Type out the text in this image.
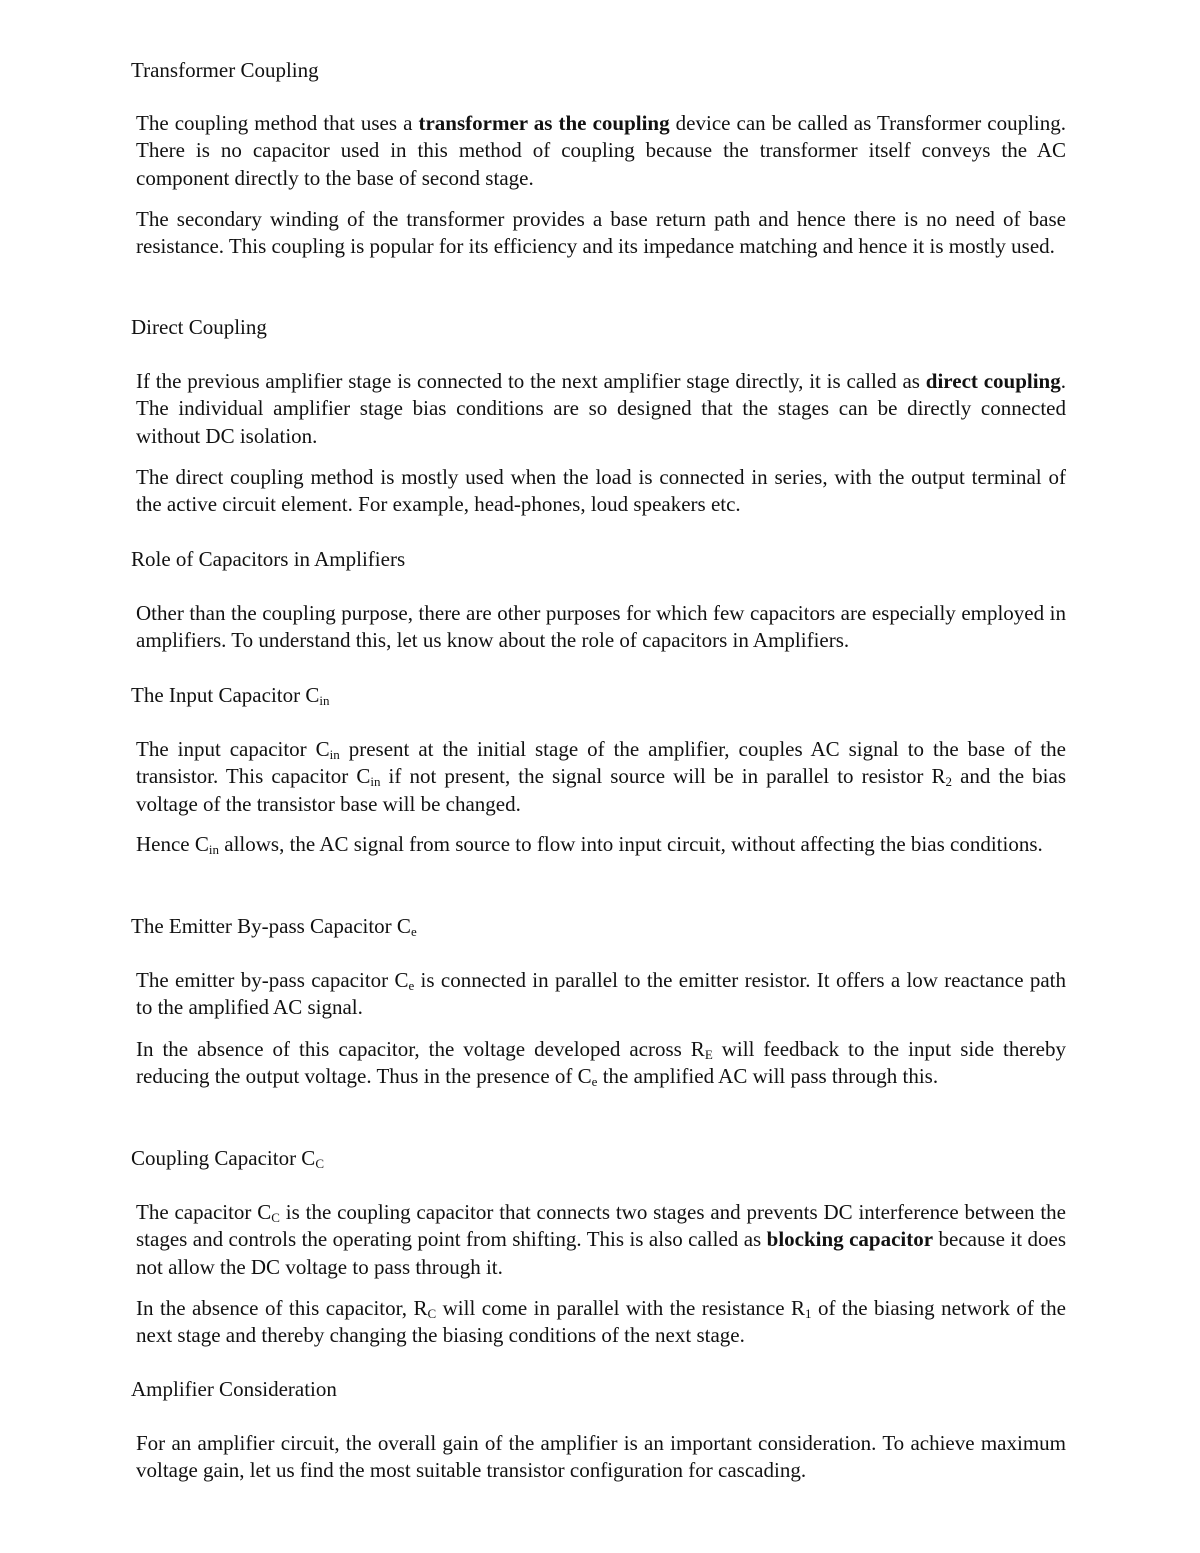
Transformer Coupling

The coupling method that uses a transformer as the coupling device can be called as Transformer coupling. There is no capacitor used in this method of coupling because the transformer itself conveys the AC component directly to the base of second stage.

The secondary winding of the transformer provides a base return path and hence there is no need of base resistance. This coupling is popular for its efficiency and its impedance matching and hence it is mostly used.

Direct Coupling

If the previous amplifier stage is connected to the next amplifier stage directly, it is called as direct coupling. The individual amplifier stage bias conditions are so designed that the stages can be directly connected without DC isolation.

The direct coupling method is mostly used when the load is connected in series, with the output terminal of the active circuit element. For example, head-phones, loud speakers etc.

Role of Capacitors in Amplifiers

Other than the coupling purpose, there are other purposes for which few capacitors are especially employed in amplifiers. To understand this, let us know about the role of capacitors in Amplifiers.

The Input Capacitor $C_{in}$

The input capacitor $C_{in}$ present at the initial stage of the amplifier, couples AC signal to the base of the transistor. This capacitor $C_{in}$ if not present, the signal source will be in parallel to resistor $R_2$ and the bias voltage of the transistor base will be changed.

Hence $C_{in}$ allows, the AC signal from source to flow into input circuit, without affecting the bias conditions.

The Emitter By-pass Capacitor $C_e$

The emitter by-pass capacitor $C_e$ is connected in parallel to the emitter resistor. It offers a low reactance path to the amplified AC signal.

In the absence of this capacitor, the voltage developed across $R_E$ will feedback to the input side thereby reducing the output voltage. Thus in the presence of $C_e$ the amplified AC will pass through this.

Coupling Capacitor $C_C$

The capacitor $C_C$ is the coupling capacitor that connects two stages and prevents DC interference between the stages and controls the operating point from shifting. This is also called as blocking capacitor because it does not allow the DC voltage to pass through it.

In the absence of this capacitor, $R_C$ will come in parallel with the resistance $R_1$ of the biasing network of the next stage and thereby changing the biasing conditions of the next stage.

Amplifier Consideration

For an amplifier circuit, the overall gain of the amplifier is an important consideration. To achieve maximum voltage gain, let us find the most suitable transistor configuration for cascading.
